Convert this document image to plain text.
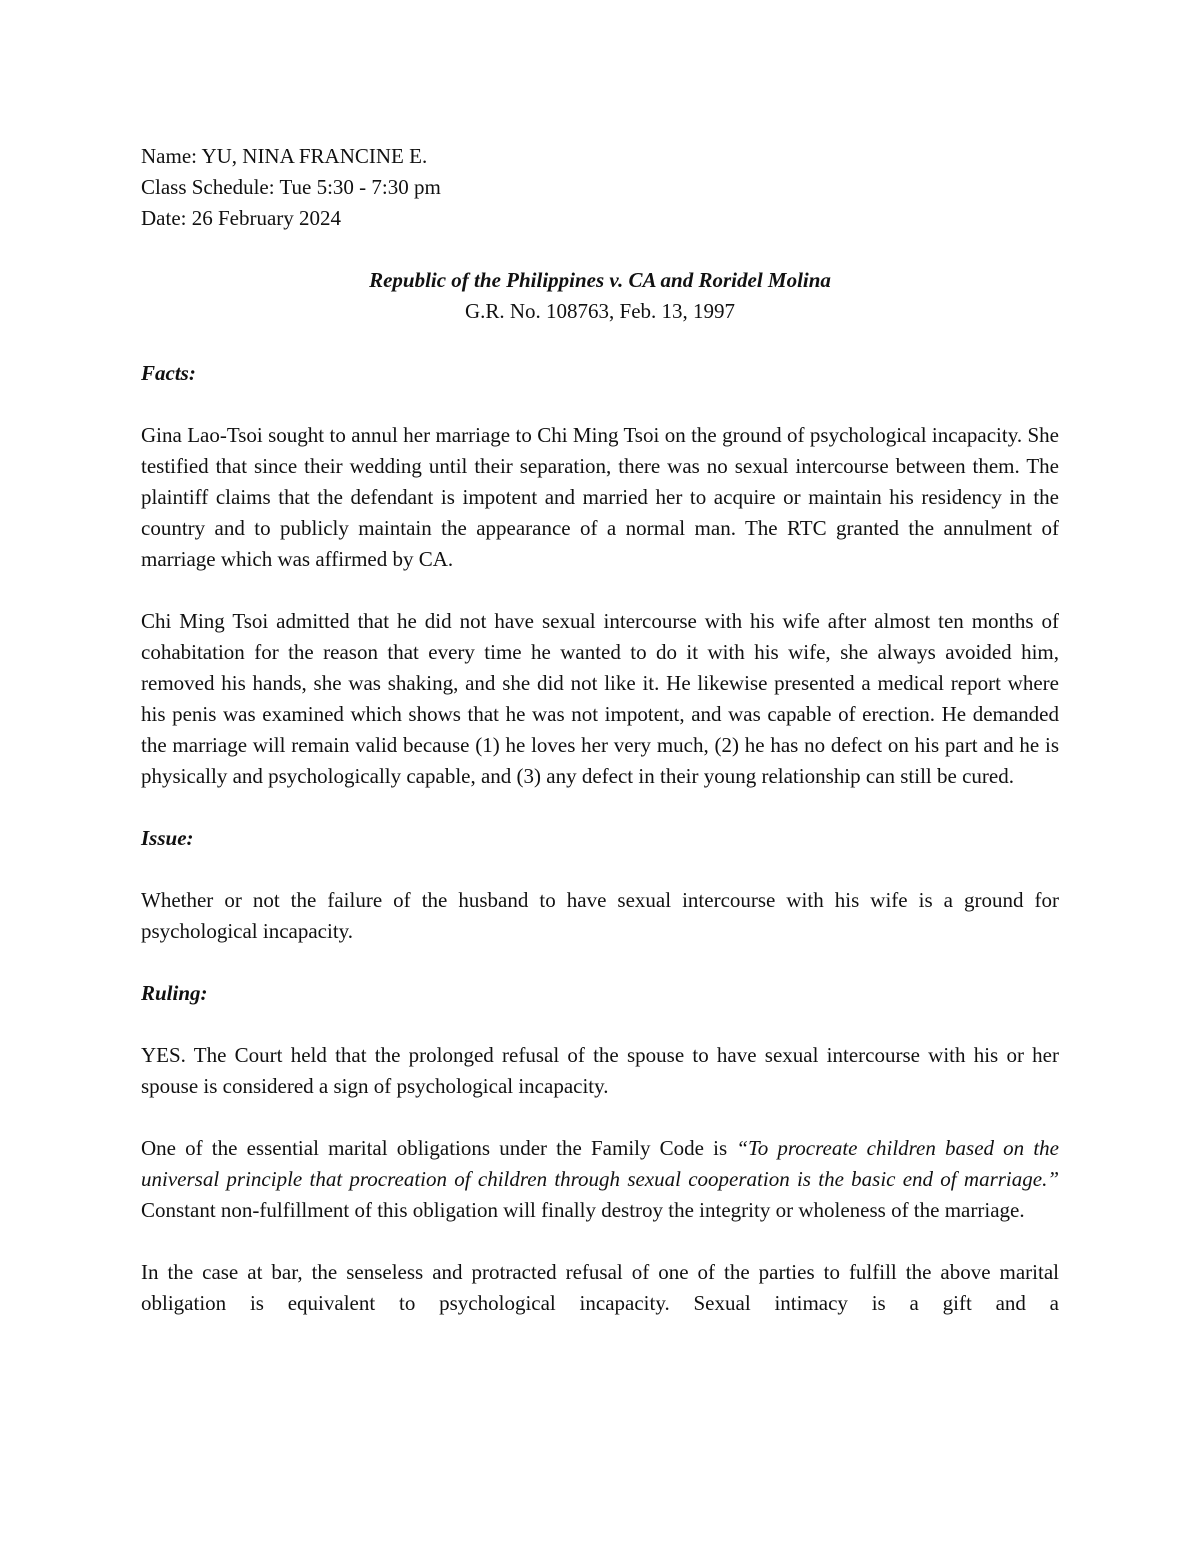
Name: YU, NINA FRANCINE E.

Class Schedule: Tue 5:30 - 7:30 pm

Date: 26 February 2024

Republic of the Philippines v. CA and Roridel Molina

G.R. No. 108763, Feb. 13, 1997

Facts:

Gina Lao-Tsoi sought to annul her marriage to Chi Ming Tsoi on the ground of psychological incapacity. She testified that since their wedding until their separation, there was no sexual intercourse between them. The plaintiff claims that the defendant is impotent and married her to acquire or maintain his residency in the country and to publicly maintain the appearance of a normal man. The RTC granted the annulment of marriage which was affirmed by CA.

Chi Ming Tsoi admitted that he did not have sexual intercourse with his wife after almost ten months of cohabitation for the reason that every time he wanted to do it with his wife, she always avoided him, removed his hands, she was shaking, and she did not like it. He likewise presented a medical report where his penis was examined which shows that he was not impotent, and was capable of erection. He demanded the marriage will remain valid because (1) he loves her very much, (2) he has no defect on his part and he is physically and psychologically capable, and (3) any defect in their young relationship can still be cured.

Issue:

Whether or not the failure of the husband to have sexual intercourse with his wife is a ground for psychological incapacity.

Ruling:

YES. The Court held that the prolonged refusal of the spouse to have sexual intercourse with his or her spouse is considered a sign of psychological incapacity.

One of the essential marital obligations under the Family Code is “To procreate children based on the universal principle that procreation of children through sexual cooperation is the basic end of marriage.” Constant non-fulfillment of this obligation will finally destroy the integrity or wholeness of the marriage.

In the case at bar, the senseless and protracted refusal of one of the parties to fulfill the above marital obligation is equivalent to psychological incapacity. Sexual intimacy is a gift and a
